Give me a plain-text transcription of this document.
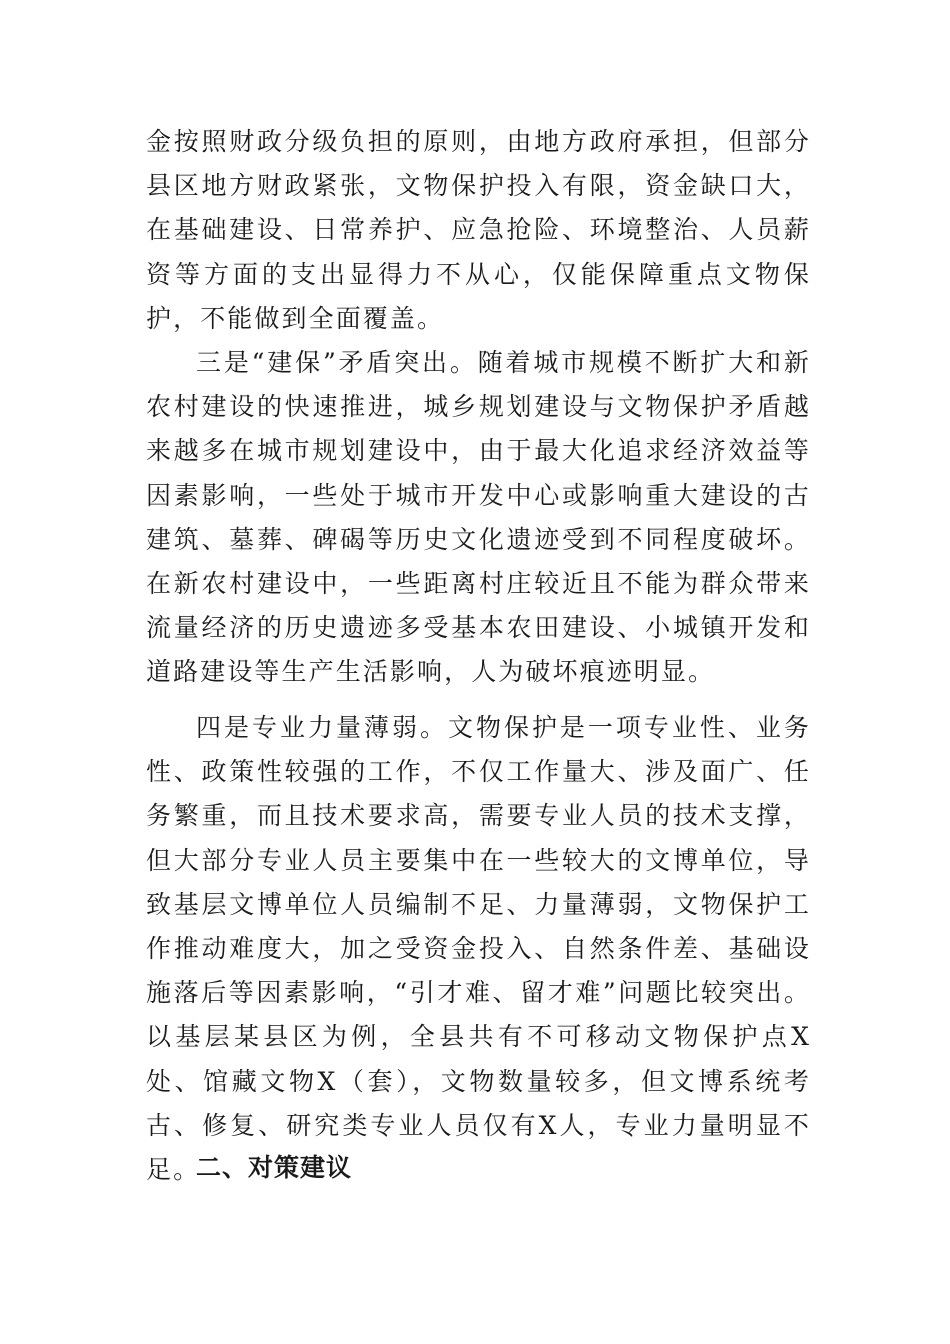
金按照财政分级负担的原则，由地方政府承担，但部分县区地方财政紧张，文物保护投入有限，资金缺口大，在基础建设、日常养护、应急抢险、环境整治、人员薪资等方面的支出显得力不从心，仅能保障重点文物保护，不能做到全面覆盖。

三是“建保”矛盾突出。随着城市规模不断扩大和新农村建设的快速推进，城乡规划建设与文物保护矛盾越来越多在城市规划建设中，由于最大化追求经济效益等因素影响，一些处于城市开发中心或影响重大建设的古建筑、墓葬、碑碣等历史文化遗迹受到不同程度破坏。在新农村建设中，一些距离村庄较近且不能为群众带来流量经济的历史遗迹多受基本农田建设、小城镇开发和道路建设等生产生活影响，人为破坏痕迹明显。

四是专业力量薄弱。文物保护是一项专业性、业务性、政策性较强的工作，不仅工作量大、涉及面广、任务繁重，而且技术要求高，需要专业人员的技术支撑，但大部分专业人员主要集中在一些较大的文博单位，导致基层文博单位人员编制不足、力量薄弱，文物保护工作推动难度大，加之受资金投入、自然条件差、基础设施落后等因素影响，“引才难、留才难”问题比较突出。以基层某县区为例，全县共有不可移动文物保护点X处、馆藏文物X（套），文物数量较多，但文博系统考古、修复、研究类专业人员仅有X人，专业力量明显不足。

二、对策建议
